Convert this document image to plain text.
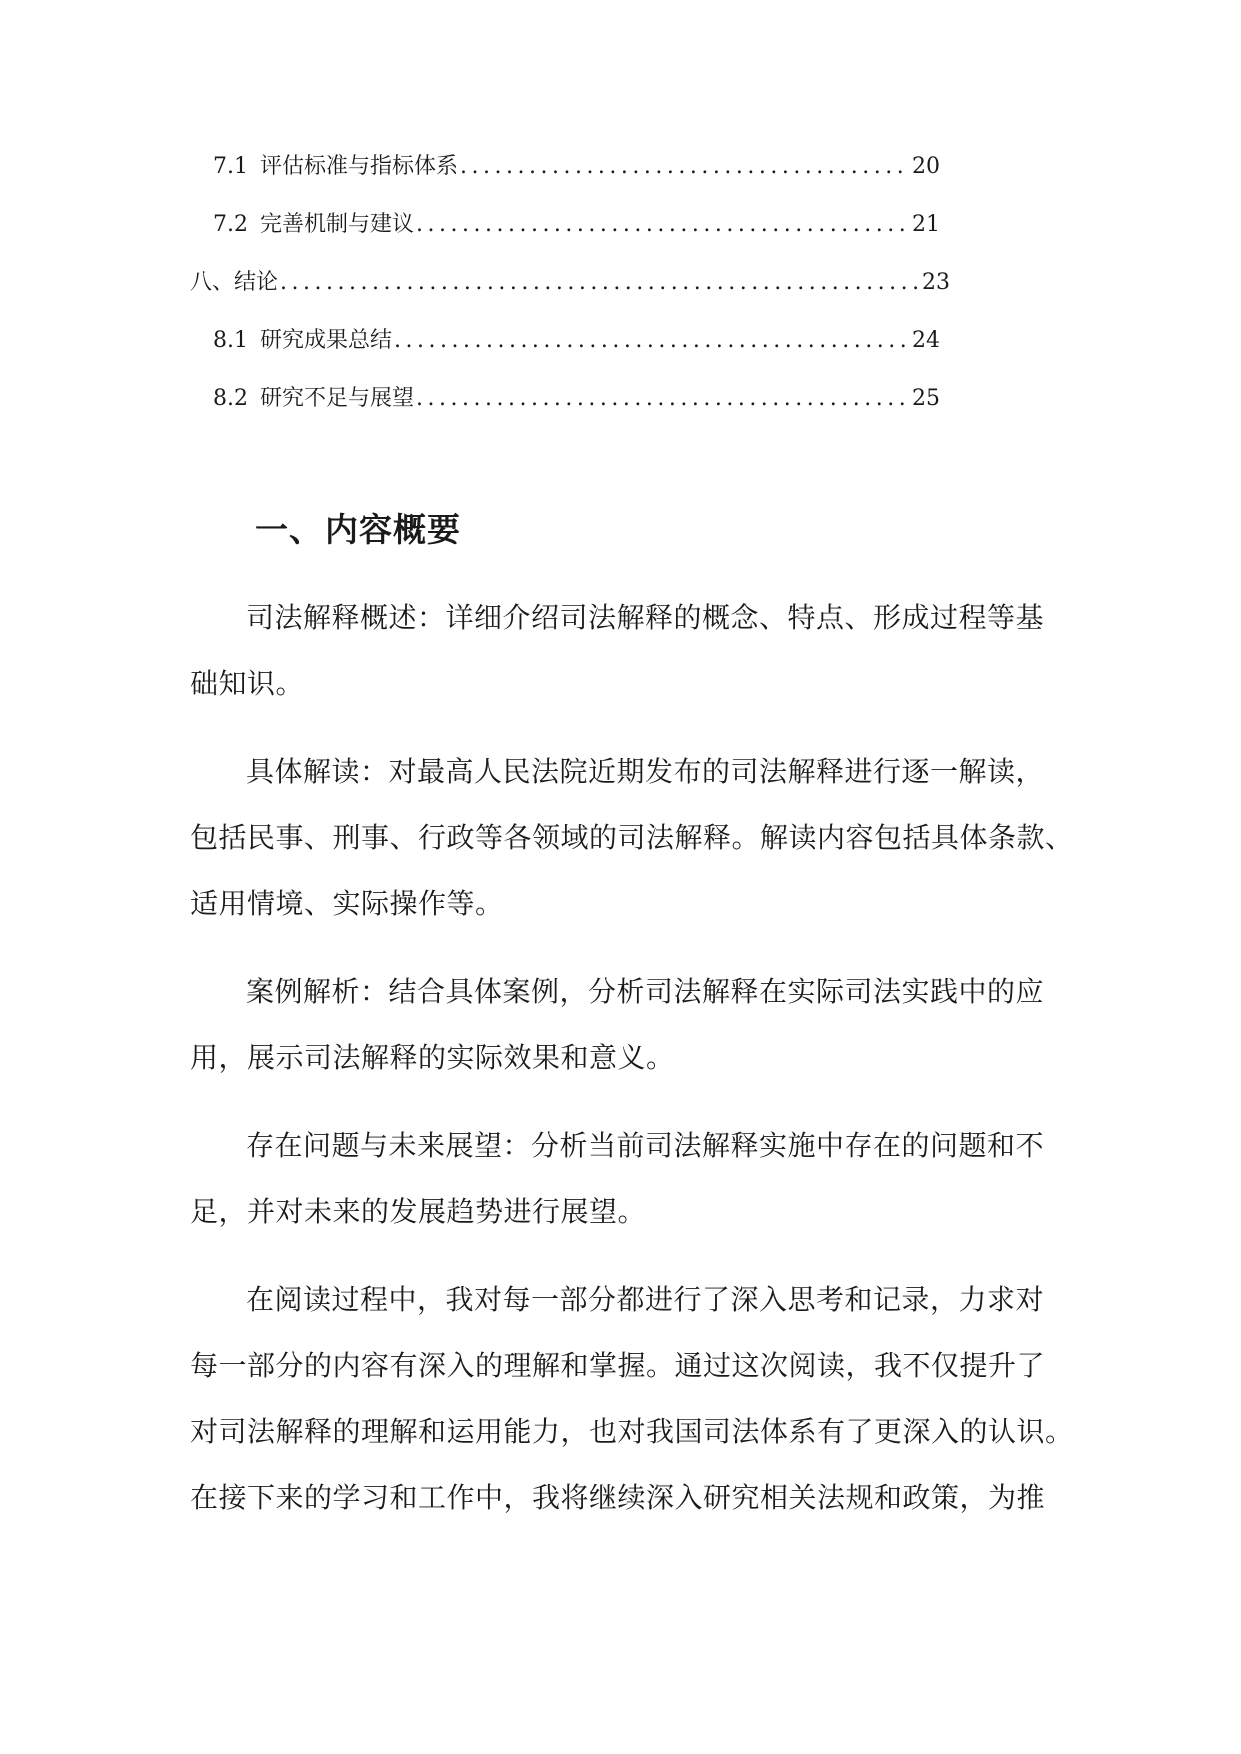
7.1 评估标准与指标体系 .....	20
7.2 完善机制与建议 .....	21
八、结论 .....	23
8.1 研究成果总结 .....	24
8.2 研究不足与展望 .....	25
一、内容概要
司法解释概述：详细介绍司法解释的概念、特点、形成过程等基
础知识。
具体解读：对最高人民法院近期发布的司法解释进行逐一解读，
包括民事、刑事、行政等各领域的司法解释。解读内容包括具体条款、
适用情境、实际操作等。
案例解析：结合具体案例，分析司法解释在实际司法实践中的应
用，展示司法解释的实际效果和意义。
存在问题与未来展望：分析当前司法解释实施中存在的问题和不
足，并对未来的发展趋势进行展望。
在阅读过程中，我对每一部分都进行了深入思考和记录，力求对
每一部分的内容有深入的理解和掌握。通过这次阅读，我不仅提升了
对司法解释的理解和运用能力，也对我国司法体系有了更深入的认识。
在接下来的学习和工作中，我将继续深入研究相关法规和政策，为推
